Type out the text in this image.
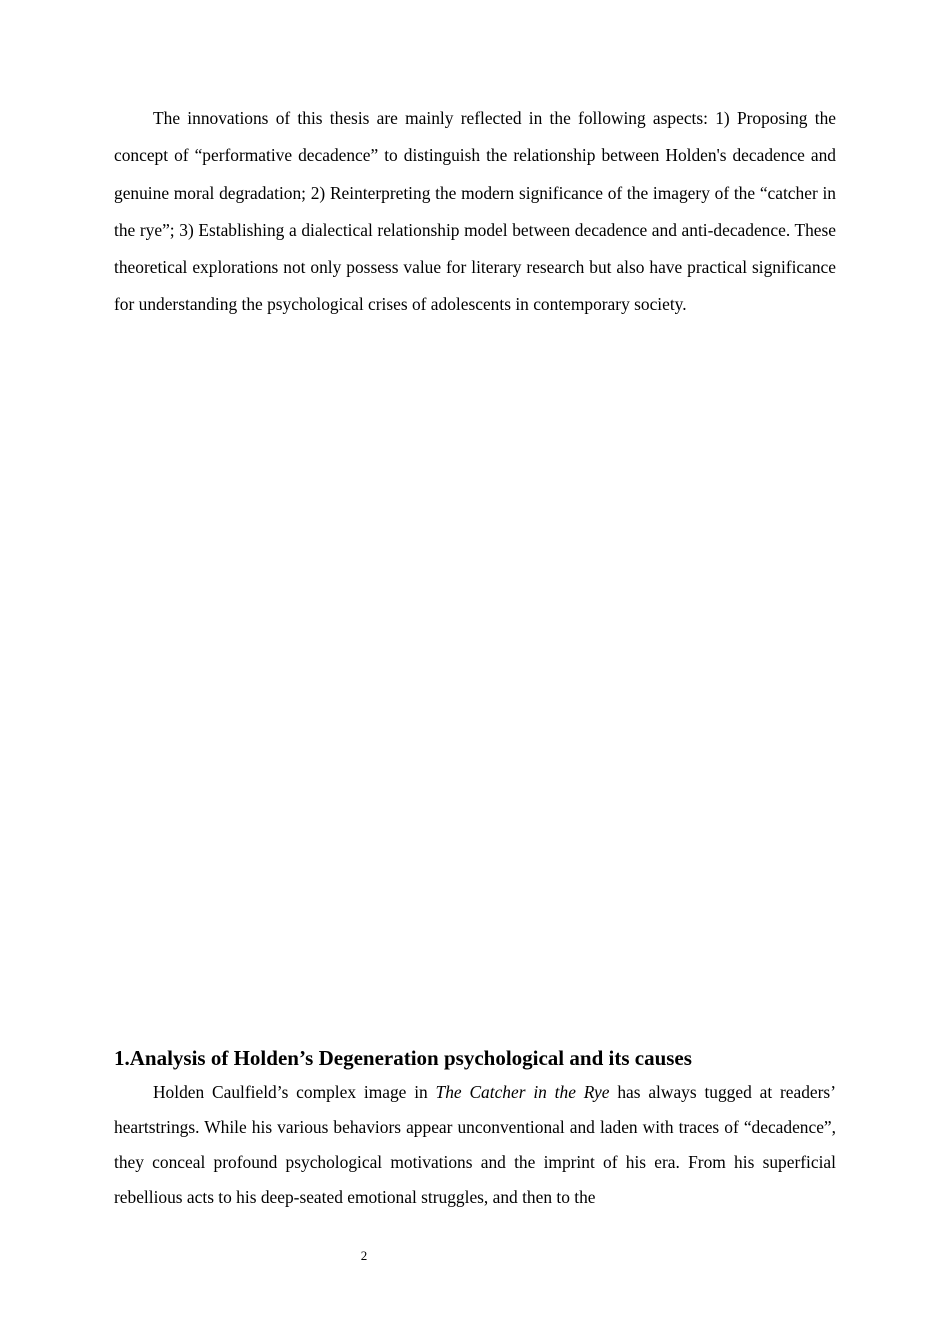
The innovations of this thesis are mainly reflected in the following aspects: 1) Proposing the concept of “performative decadence” to distinguish the relationship between Holden's decadence and genuine moral degradation; 2) Reinterpreting the modern significance of the imagery of the “catcher in the rye”; 3) Establishing a dialectical relationship model between decadence and anti-decadence. These theoretical explorations not only possess value for literary research but also have practical significance for understanding the psychological crises of adolescents in contemporary society.

1.Analysis of Holden’s Degeneration psychological and its causes

Holden Caulfield’s complex image in The Catcher in the Rye has always tugged at readers’ heartstrings. While his various behaviors appear unconventional and laden with traces of “decadence”, they conceal profound psychological motivations and the imprint of his era. From his superficial rebellious acts to his deep-seated emotional struggles, and then to the

2
